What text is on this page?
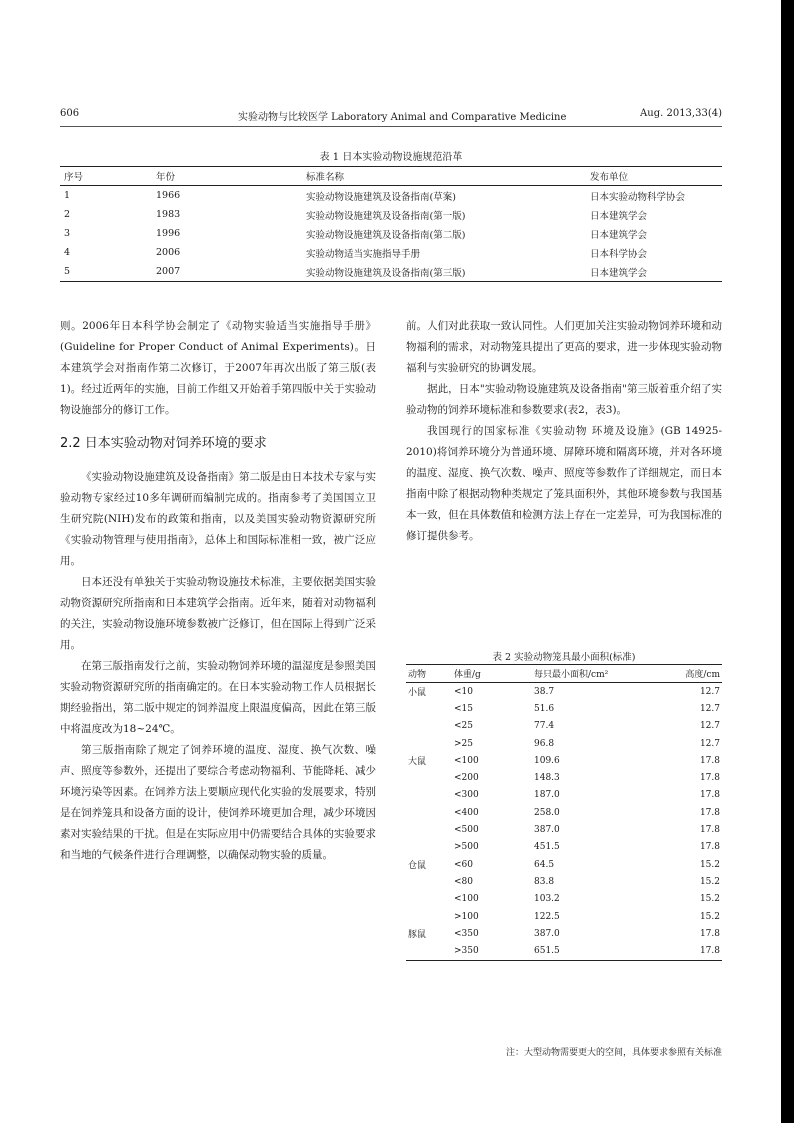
606	实验动物与比较医学 Laboratory Animal and Comparative Medicine	Aug. 2013,33(4)
表 1 日本实验动物设施规范沿革
序号	年份	标准名称	发布单位
1	1966	实验动物设施建筑及设备指南(草案)	日本实验动物科学协会
2	1983	实验动物设施建筑及设备指南(第一版)	日本建筑学会
3	1996	实验动物设施建筑及设备指南(第二版)	日本建筑学会
4	2006	实验动物适当实施指导手册	日本科学协会
5	2007	实验动物设施建筑及设备指南(第三版)	日本建筑学会

则。2006年日本科学协会制定了《动物实验适当实施指导手册》(Guideline for Proper Conduct of Animal Experiments)。日本建筑学会对指南作第二次修订，于2007年再次出版了第三版(表1)。经过近两年的实施，目前工作组又开始着手第四版中关于实验动物设施部分的修订工作。

2.2 日本实验动物对饲养环境的要求

《实验动物设施建筑及设备指南》第二版是由日本技术专家与实验动物专家经过10多年调研而编制完成的。指南参考了美国国立卫生研究院(NIH)发布的政策和指南，以及美国实验动物资源研究所《实验动物管理与使用指南》，总体上和国际标准相一致，被广泛应用。

日本还没有单独关于实验动物设施技术标准，主要依据美国实验动物资源研究所指南和日本建筑学会指南。近年来，随着对动物福利的关注，实验动物设施环境参数被广泛修订，但在国际上得到广泛采用。

在第三版指南发行之前，实验动物饲养环境的温湿度是参照美国实验动物资源研究所的指南确定的。在日本实验动物工作人员根据长期经验指出，第二版中规定的饲养温度上限温度偏高，因此在第三版中将温度改为18~24℃。

第三版指南除了规定了饲养环境的温度、湿度、换气次数、噪声、照度等参数外，还提出了要综合考虑动物福利、节能降耗、减少环境污染等因素。在饲养方法上要顺应现代化实验的发展要求，特别是在饲养笼具和设备方面的设计，使饲养环境更加合理，减少环境因素对实验结果的干扰。但是在实际应用中仍需要结合具体的实验要求和当地的气候条件进行合理调整，以确保动物实验的质量。

前。人们对此获取一致认同性。人们更加关注实验动物饲养环境和动物福利的需求，对动物笼具提出了更高的要求，进一步体现实验动物福利与实验研究的协调发展。

据此，日本"实验动物设施建筑及设备指南"第三版着重介绍了实验动物的饲养环境标准和参数要求(表2，表3)。

我国现行的国家标准《实验动物 环境及设施》(GB 14925-2010)将饲养环境分为普通环境、屏障环境和隔离环境，并对各环境的温度、湿度、换气次数、噪声、照度等参数作了详细规定，而日本指南中除了根据动物种类规定了笼具面积外，其他环境参数与我国基本一致，但在具体数值和检测方法上存在一定差异，可为我国标准的修订提供参考。

表 2 实验动物笼具最小面积(标准)
动物	体重/g	每只最小面积/cm²	高度/cm
小鼠	<10	38.7	12.7
	<15	51.6	12.7
	<25	77.4	12.7
	>25	96.8	12.7
大鼠	<100	109.6	17.8
	<200	148.3	17.8
	<300	187.0	17.8
	<400	258.0	17.8
	<500	387.0	17.8
	>500	451.5	17.8
仓鼠	<60	64.5	15.2
	<80	83.8	15.2
	<100	103.2	15.2
	>100	122.5	15.2
豚鼠	<350	387.0	17.8
	>350	651.5	17.8
注：大型动物需要更大的空间，具体要求参照有关标准
